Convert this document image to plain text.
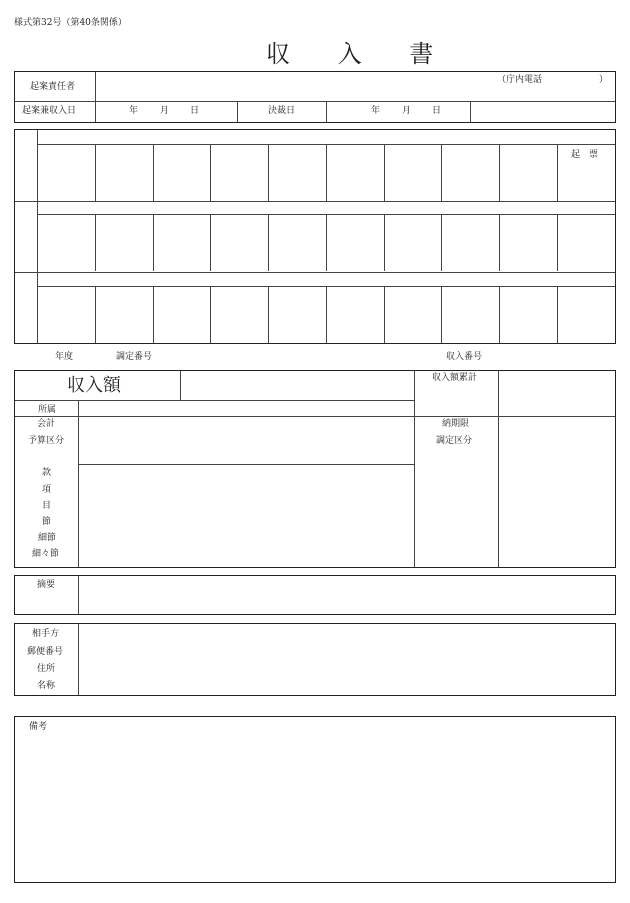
様式第32号（第40条関係）
収 入 書
起案責任者
（庁内電話	）
起案兼収入日	年 月 日	決裁日	年 月 日
起　票
年度	調定番号	収入番号
収入額	収入額累計
所属
会計
予算区分
納期限
調定区分
款
項
目
節
細節
細々節
摘要
相手方
郵便番号
住所
名称
備考
